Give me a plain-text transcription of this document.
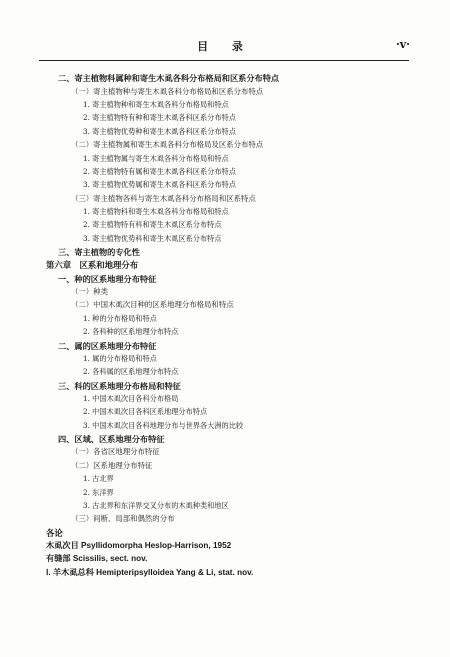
目 录	·v·
二、寄主植物科属种和寄生木虱各科分布格局和区系分布特点
（一）寄主植物种与寄生木虱各科分布格局和区系分布特点
1. 寄主植物种和寄生木虱各科分布格局和特点
2. 寄主植物特有种和寄生木虱各科区系分布特点
3. 寄主植物优势种和寄生木虱各科区系分布特点
（二）寄主植物属和寄生木虱各科分布格局及区系分布特点
1. 寄主植物属与寄生木虱各科分布格局和特点
2. 寄主植物特有属和寄生木虱各科区系分布特点
3. 寄主植物优势属和寄生木虱各科区系分布特点
（三）寄主植物各科与寄生木虱各科分布格局和区系特点
1. 寄主植物科和寄生木虱各科分布格局和特点
2. 寄主植物特有科和寄生木虱区系分布特点
3. 寄主植物优势科和寄生木虱区系分布特点
三、寄主植物的专化性
第六章　区系和地理分布
一、种的区系地理分布特征
（一）种类
（二）中国木虱次目种的区系地理分布格局和特点
1. 种的分布格局和特点
2. 各科种的区系地理分布特点
二、属的区系地理分布特征
1. 属的分布格局和特点
2. 各科属的区系地理分布特点
三、科的区系地理分布格局和特征
1. 中国木虱次目各科分布格局
2. 中国木虱次目各科区系地理分布特点
3. 中国木虱次目各科地理分布与世界各大洲的比较
四、区域、区系地理分布特征
（一）各省区地理分布特征
（二）区系地理分布特征
1. 古北界
2. 东洋界
3. 古北界和东洋界交叉分布的木虱种类和地区
（三）间断、局部和偶然的分布
各论
木虱次目 Psyllidomorpha Heslop-Harrison, 1952
有缝部 Scissilis, sect. nov.
Ⅰ. 羊木虱总科 Hemipteripsylloidea Yang & Li, stat. nov.
